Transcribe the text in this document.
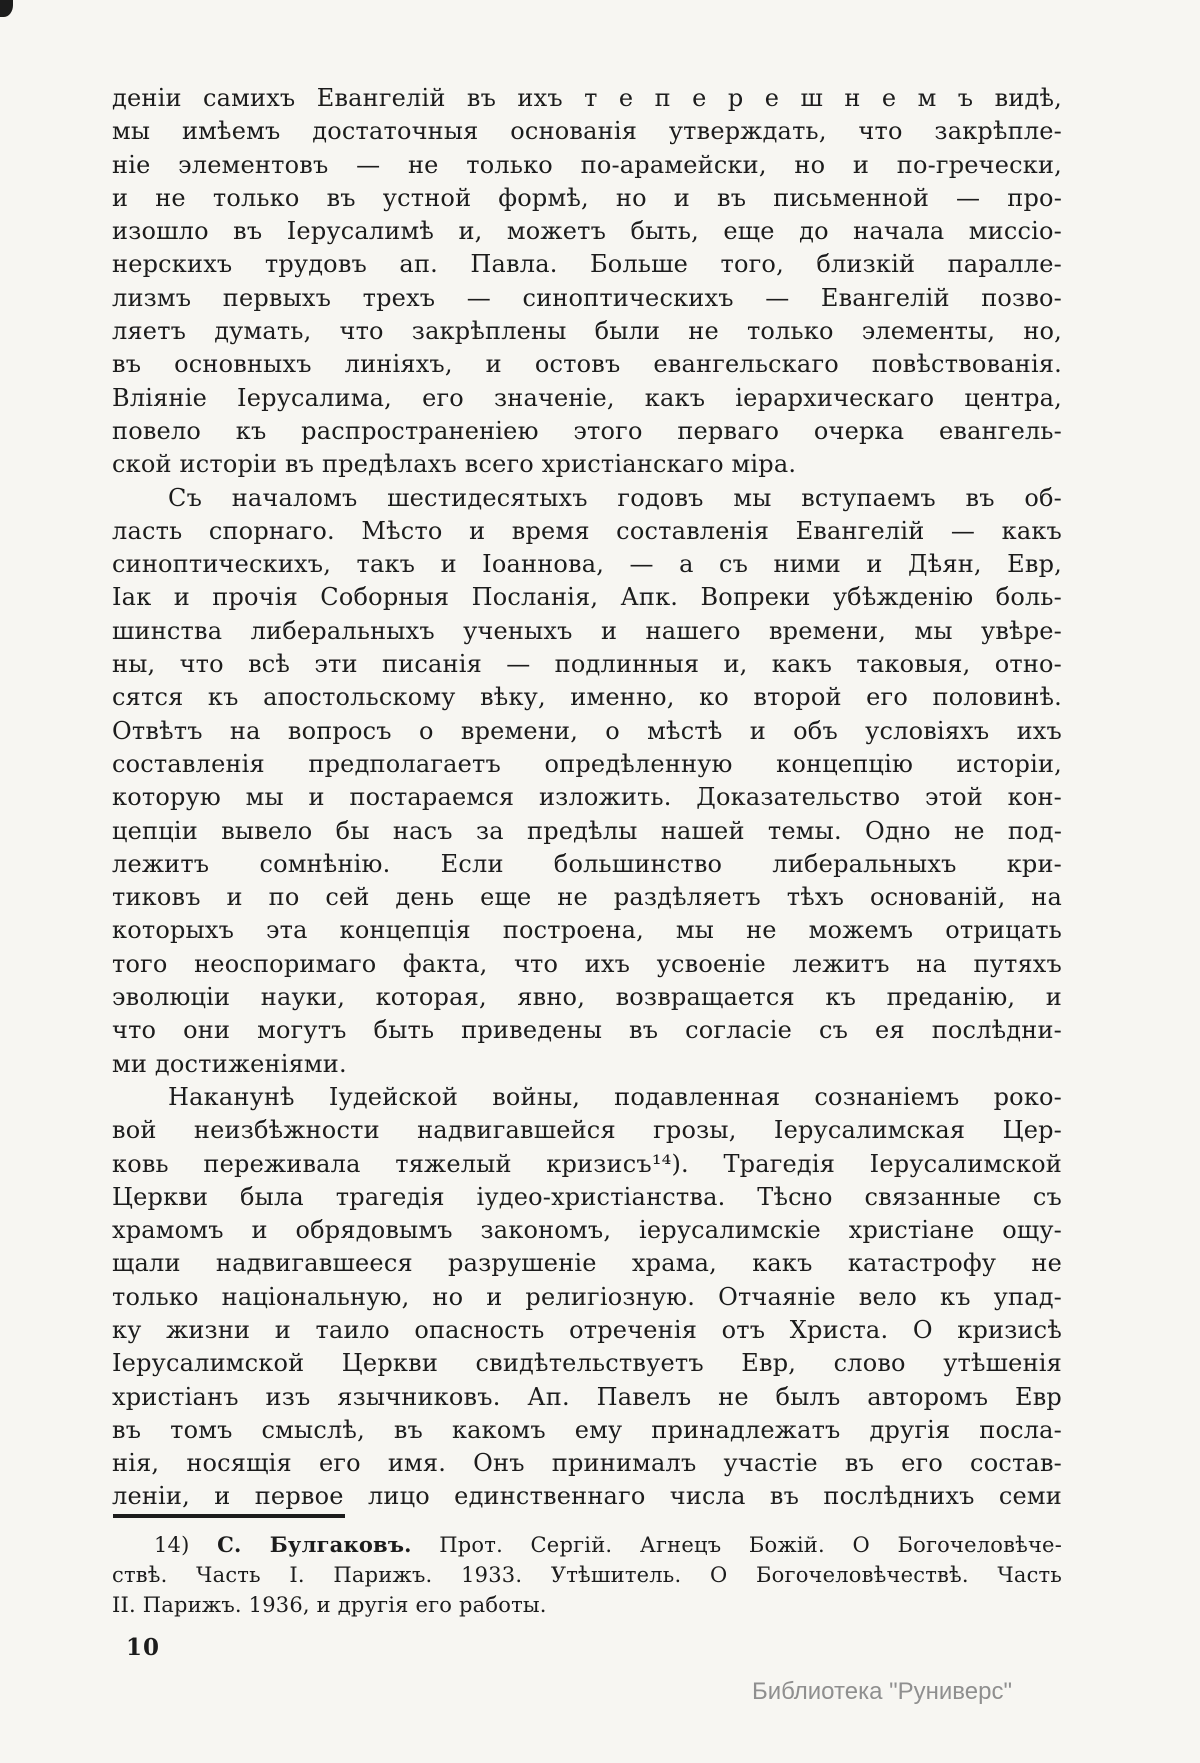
деніи самихъ Евангелій въ ихъ т е п е р е ш н е м ъ видѣ,
мы имѣемъ достаточныя основанія утверждать, что закрѣпле-
ніе элементовъ — не только по-арамейски, но и по-гречески,
и не только въ устной формѣ, но и въ письменной — про-
изошло въ Іерусалимѣ и, можетъ быть, еще до начала миссіо-
нерскихъ трудовъ ап. Павла. Больше того, близкій паралле-
лизмъ первыхъ трехъ — синоптическихъ — Евангелій позво-
ляетъ думать, что закрѣплены были не только элементы, но,
въ основныхъ линіяхъ, и остовъ евангельскаго повѣствованія.
Вліяніе Іерусалима, его значеніе, какъ іерархическаго центра,
повело къ распространеніею этого перваго очерка евангель-
ской исторіи въ предѣлахъ всего христіанскаго міра.
Съ началомъ шестидесятыхъ годовъ мы вступаемъ въ об-
ласть спорнаго. Мѣсто и время составленія Евангелій — какъ
синоптическихъ, такъ и Іоаннова, — а съ ними и Дѣян, Евр,
Іак и прочія Соборныя Посланія, Апк. Вопреки убѣжденію боль-
шинства либеральныхъ ученыхъ и нашего времени, мы увѣре-
ны, что всѣ эти писанія — подлинныя и, какъ таковыя, отно-
сятся къ апостольскому вѣку, именно, ко второй его половинѣ.
Отвѣтъ на вопросъ о времени, о мѣстѣ и объ условіяхъ ихъ
составленія предполагаетъ опредѣленную концепцію исторіи,
которую мы и постараемся изложить. Доказательство этой кон-
цепціи вывело бы насъ за предѣлы нашей темы. Одно не под-
лежитъ сомнѣнію. Если большинство либеральныхъ кри-
тиковъ и по сей день еще не раздѣляетъ тѣхъ основаній, на
которыхъ эта концепція построена, мы не можемъ отрицать
того неоспоримаго факта, что ихъ усвоеніе лежитъ на путяхъ
эволюціи науки, которая, явно, возвращается къ преданію, и
что они могутъ быть приведены въ согласіе съ ея послѣдни-
ми достиженіями.
Наканунѣ Іудейской войны, подавленная сознаніемъ роко-
вой неизбѣжности надвигавшейся грозы, Іерусалимская Цер-
ковь переживала тяжелый кризисъ¹⁴). Трагедія Іерусалимской
Церкви была трагедія іудео-христіанства. Тѣсно связанные съ
храмомъ и обрядовымъ закономъ, іерусалимскіе христіане ощу-
щали надвигавшееся разрушеніе храма, какъ катастрофу не
только національную, но и религіозную. Отчаяніе вело къ упад-
ку жизни и таило опасность отреченія отъ Христа. О кризисѣ
Іерусалимской Церкви свидѣтельствуетъ Евр, слово утѣшенія
христіанъ изъ язычниковъ. Ап. Павелъ не былъ авторомъ Евр
въ томъ смыслѣ, въ какомъ ему принадлежатъ другія посла-
нія, носящія его имя. Онъ принималъ участіе въ его состав-
леніи, и первое лицо единственнаго числа въ послѣднихъ семи
14) С. Булгаковъ. Прот. Сергій. Агнецъ Божій. О Богочеловѣче-
ствѣ. Часть I. Парижъ. 1933. Утѣшитель. О Богочеловѣчествѣ. Часть
II. Парижъ. 1936, и другія его работы.
10
Библиотека "Руниверс"
